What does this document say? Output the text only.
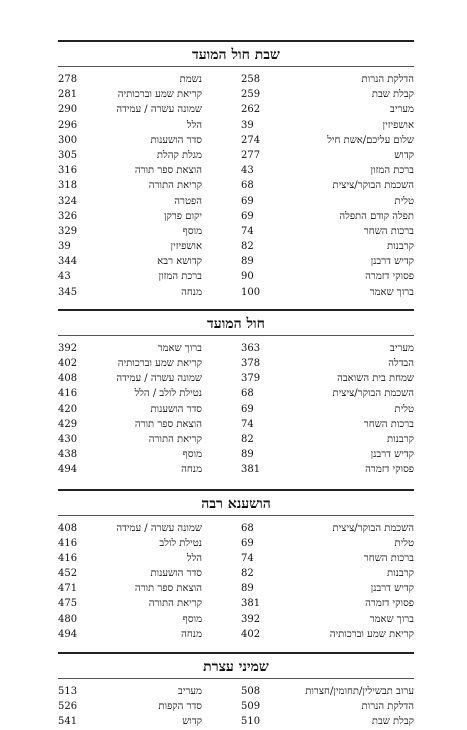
שבת חול המועד
הדלקת הנרות
258
נשמת
278
קבלת שבת
259
קריאת שמע וברכותיה
281
מעריב
262
שמונה עשרה / עמידה
290
אושפיזין
39
הלל
296
שלום עליכם/אשת חיל
274
סדר הושענות
300
קדוש
277
מגלת קהלת
305
ברכת המזון
43
הוצאת ספר תורה
316
השכמת הבוקר/ציצית
68
קריאת התורה
318
טלית
69
הפטרה
324
תפלה קודם התפלה
69
יקום פרקן
326
ברכות השחר
74
מוסף
329
קרבנות
82
אושפיזין
39
קדיש דרבנן
89
קדושא רבא
344
פסוקי דזמרה
90
ברכת המזון
43
ברוך שאמר
100
מנחה
345
חול המועד
מעריב
363
ברוך שאמר
392
הבדלה
378
קריאת שמע וברכותיה
402
שמחת בית השואבה
379
שמונה עשרה / עמידה
408
השכמת הבוקר/ציצית
68
נטילת לולב / הלל
416
טלית
69
סדר הושענות
420
ברכות השחר
74
הוצאת ספר תורה
429
קרבנות
82
קריאת התורה
430
קדיש דרבנן
89
מוסף
438
פסוקי דזמרה
381
מנחה
494
הושענא רבה
השכמת הבוקר/ציצית
68
שמונה עשרה / עמידה
408
טלית
69
נטילת לולב
416
ברכות השחר
74
הלל
416
קרבנות
82
סדר הושענות
452
קדיש דרבנן
89
הוצאת ספר תורה
471
פסוקי דזמרה
381
קריאת התורה
475
ברוך שאמר
392
מוסף
480
קריאת שמע וברכותיה
402
מנחה
494
שמיני עצרת
ערוב תבשילין/תחומין/חצרות
508
מעריב
513
הדלקת הנרות
509
סדר הקפות
526
קבלת שבת
510
קדוש
541
